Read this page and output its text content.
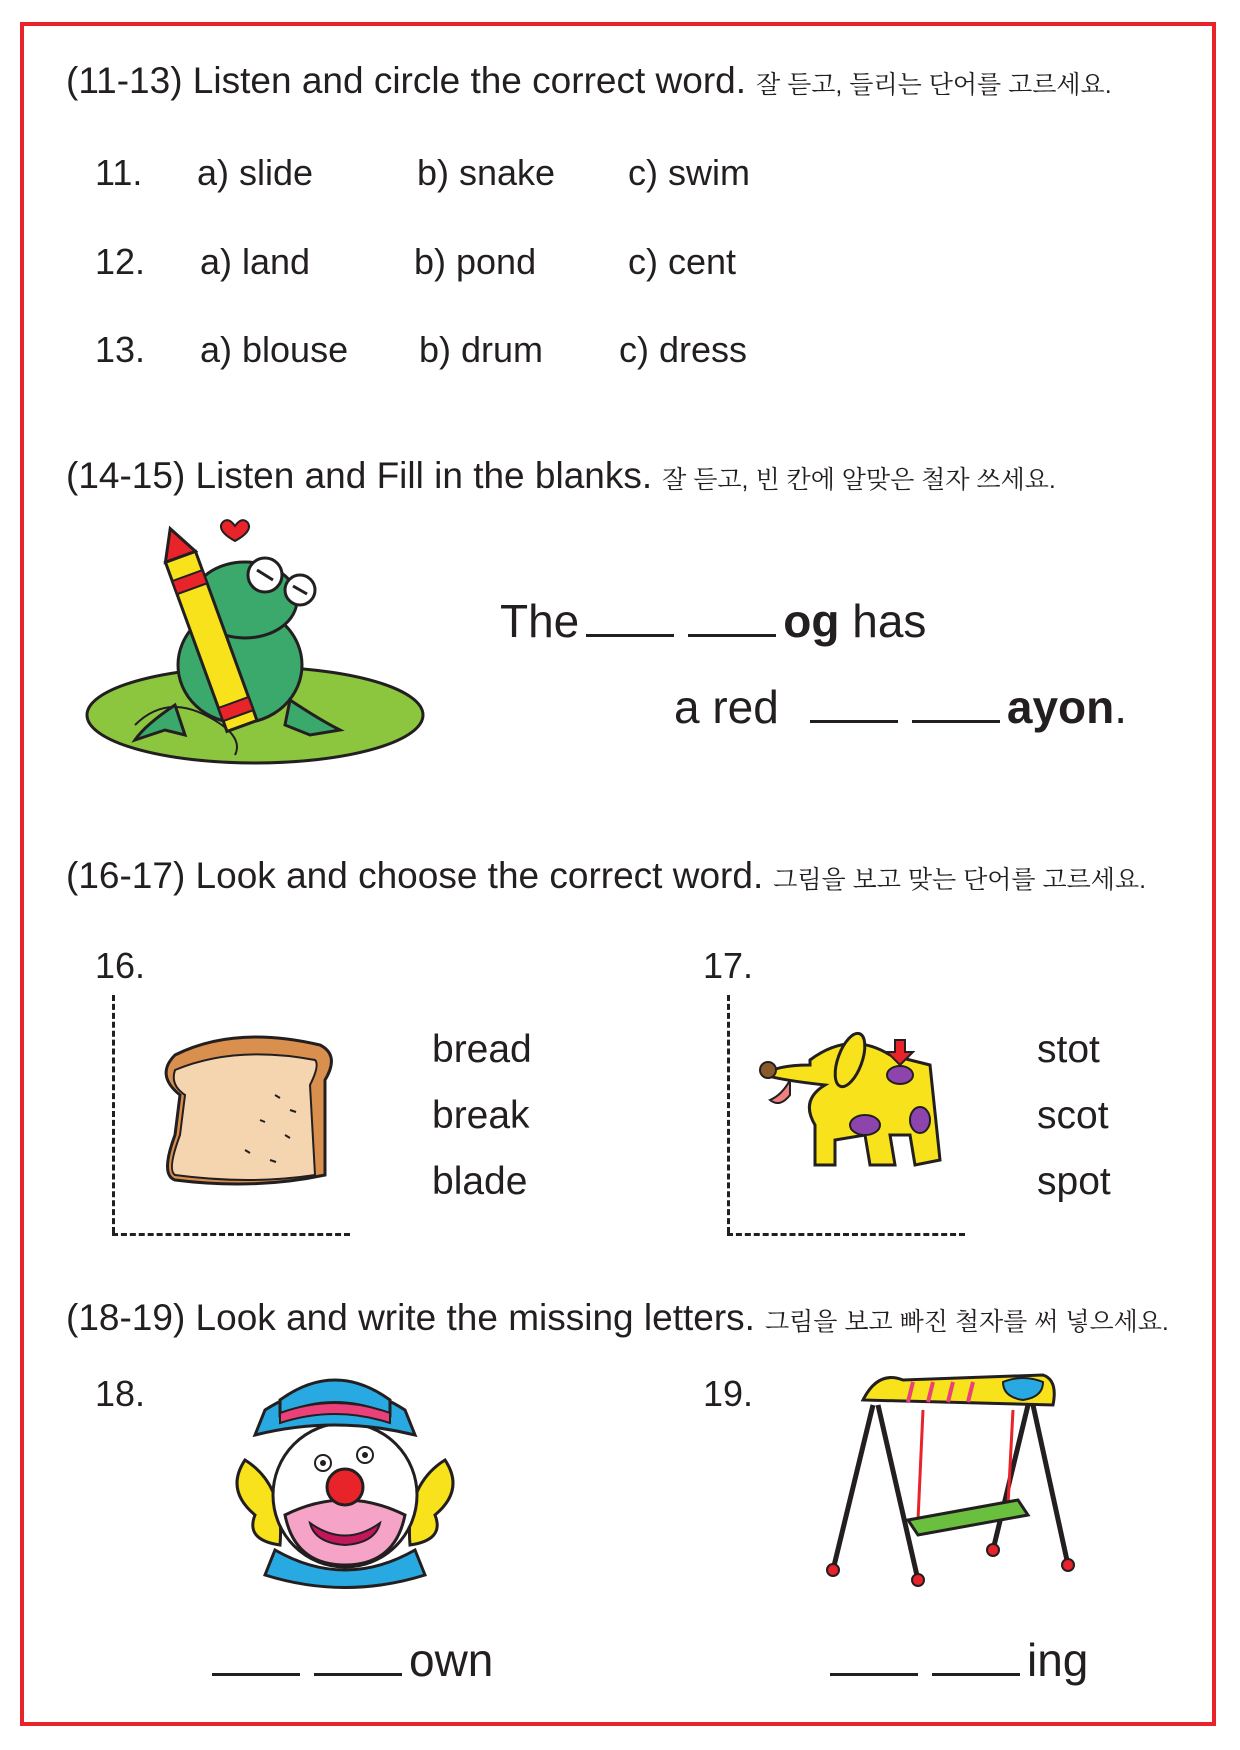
(11-13) Listen and circle the correct word. 잘 듣고, 들리는 단어를 고르세요.
11. a) slide	b) snake c) swim
12. a) land	b) pond	c) cent
13. a) blouse b) drum c) dress
(14-15) Listen and Fill in the blanks. 잘 듣고, 빈 칸에 알맞은 철자 쓰세요.
The	og has
a red	ayon.
(16-17) Look and choose the correct word. 그림을 보고 맞는 단어를 고르세요.
16.
bread
break
blade
17.
stot
scot
spot
(18-19) Look and write the missing letters. 그림을 보고 빠진 철자를 써 넣으세요.
18.
own
19.
ing
